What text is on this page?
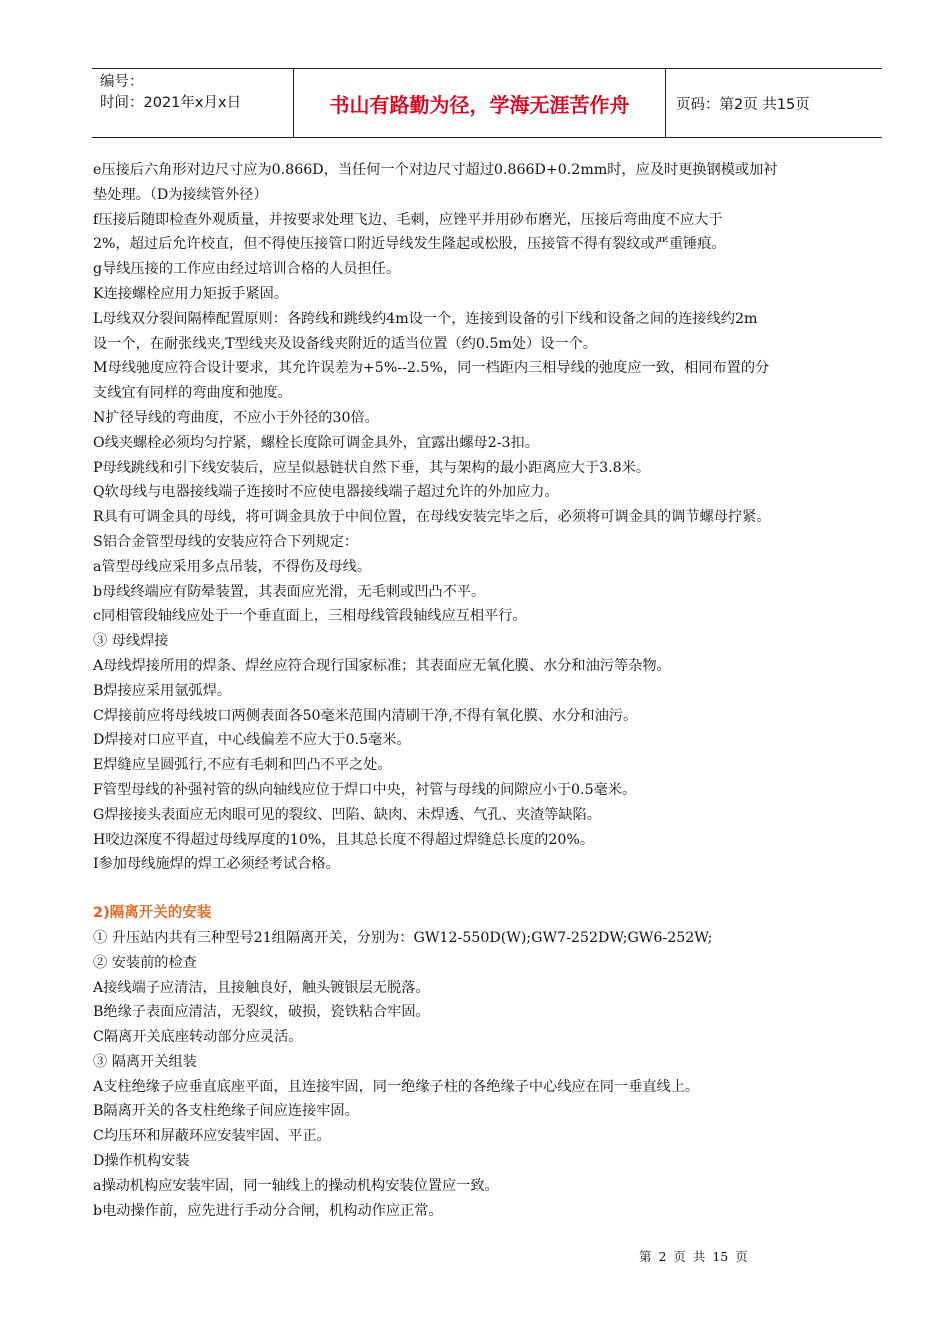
编号：
时间：2021年x月x日	书山有路勤为径，学海无涯苦作舟	页码：第2页 共15页

e压接后六角形对边尺寸应为0.866D，当任何一个对边尺寸超过0.866D+0.2mm时，应及时更换钢模或加衬

垫处理。（D为接续管外径）

f压接后随即检查外观质量，并按要求处理飞边、毛刺，应锉平并用砂布磨光，压接后弯曲度不应大于

2%，超过后允许校直，但不得使压接管口附近导线发生隆起或松股，压接管不得有裂纹或严重锤痕。

g导线压接的工作应由经过培训合格的人员担任。

K连接螺栓应用力矩扳手紧固。

L母线双分裂间隔棒配置原则：各跨线和跳线约4m设一个，连接到设备的引下线和设备之间的连接线约2m

设一个，在耐张线夹,T型线夹及设备线夹附近的适当位置（约0.5m处）设一个。

M母线驰度应符合设计要求，其允许误差为+5%--2.5%，同一档距内三相导线的弛度应一致，相同布置的分

支线宜有同样的弯曲度和弛度。

N扩径导线的弯曲度，不应小于外径的30倍。

O线夹螺栓必须均匀拧紧，螺栓长度除可调金具外，宜露出螺母2-3扣。

P母线跳线和引下线安装后，应呈似悬链状自然下垂，其与架构的最小距离应大于3.8米。

Q软母线与电器接线端子连接时不应使电器接线端子超过允许的外加应力。

R具有可调金具的母线，将可调金具放于中间位置，在母线安装完毕之后，必须将可调金具的调节螺母拧紧。

S铝合金管型母线的安装应符合下列规定：

a管型母线应采用多点吊装，不得伤及母线。

b母线终端应有防晕装置，其表面应光滑，无毛刺或凹凸不平。

c同相管段轴线应处于一个垂直面上，三相母线管段轴线应互相平行。

③ 母线焊接

A母线焊接所用的焊条、焊丝应符合现行国家标准；其表面应无氧化膜、水分和油污等杂物。

B焊接应采用氩弧焊。

C焊接前应将母线坡口两侧表面各50毫米范围内清刷干净,不得有氧化膜、水分和油污。

D焊接对口应平直，中心线偏差不应大于0.5毫米。

E焊缝应呈圆弧行,不应有毛刺和凹凸不平之处。

F管型母线的补强衬管的纵向轴线应位于焊口中央，衬管与母线的间隙应小于0.5毫米。

G焊接接头表面应无肉眼可见的裂纹、凹陷、缺肉、未焊透、气孔、夹渣等缺陷。

H咬边深度不得超过母线厚度的10%，且其总长度不得超过焊缝总长度的20%。

I参加母线施焊的焊工必须经考试合格。

2)隔离开关的安装

① 升压站内共有三种型号21组隔离开关，分别为：GW12-550D(W);GW7-252DW;GW6-252W;

② 安装前的检查

A接线端子应清洁，且接触良好，触头镀银层无脱落。

B绝缘子表面应清洁，无裂纹，破损，瓷铁粘合牢固。

C隔离开关底座转动部分应灵活。

③ 隔离开关组装

A支柱绝缘子应垂直底座平面，且连接牢固，同一绝缘子柱的各绝缘子中心线应在同一垂直线上。

B隔离开关的各支柱绝缘子间应连接牢固。

C均压环和屏蔽环应安装牢固、平正。

D操作机构安装

a操动机构应安装牢固，同一轴线上的操动机构安装位置应一致。

b电动操作前，应先进行手动分合闸，机构动作应正常。

第 2 页 共 15 页
